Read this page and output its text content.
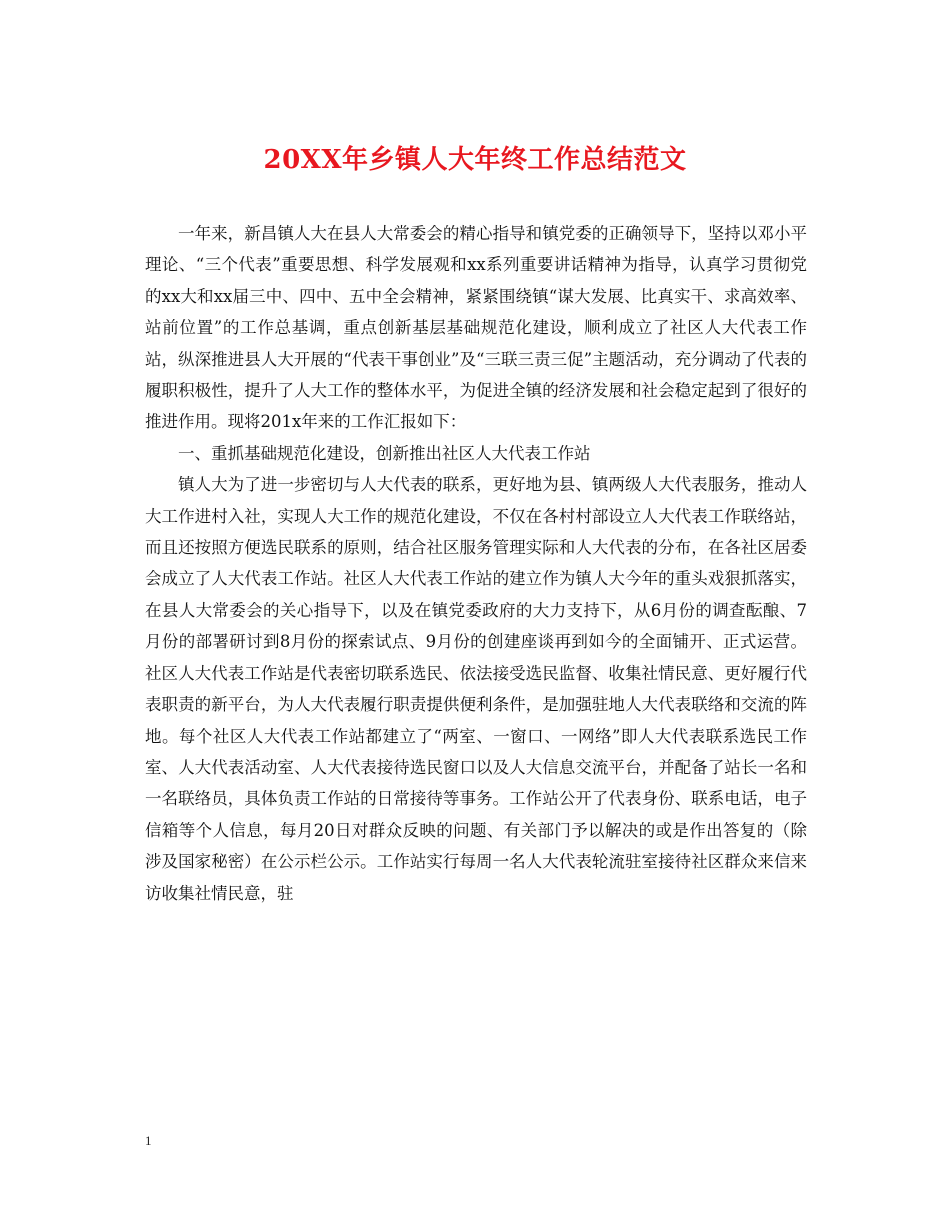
20XX年乡镇人大年终工作总结范文

一年来，新昌镇人大在县人大常委会的精心指导和镇党委的正确领导下，坚持以邓小平理论、“三个代表”重要思想、科学发展观和xx系列重要讲话精神为指导，认真学习贯彻党的xx大和xx届三中、四中、五中全会精神，紧紧围绕镇“谋大发展、比真实干、求高效率、站前位置”的工作总基调，重点创新基层基础规范化建设，顺利成立了社区人大代表工作站，纵深推进县人大开展的“代表干事创业”及“三联三责三促”主题活动，充分调动了代表的履职积极性，提升了人大工作的整体水平，为促进全镇的经济发展和社会稳定起到了很好的推进作用。现将201x年来的工作汇报如下：

一、重抓基础规范化建设，创新推出社区人大代表工作站

镇人大为了进一步密切与人大代表的联系，更好地为县、镇两级人大代表服务，推动人大工作进村入社，实现人大工作的规范化建设，不仅在各村村部设立人大代表工作联络站，而且还按照方便选民联系的原则，结合社区服务管理实际和人大代表的分布，在各社区居委会成立了人大代表工作站。社区人大代表工作站的建立作为镇人大今年的重头戏狠抓落实，在县人大常委会的关心指导下，以及在镇党委政府的大力支持下，从6月份的调查酝酿、7月份的部署研讨到8月份的探索试点、9月份的创建座谈再到如今的全面铺开、正式运营。社区人大代表工作站是代表密切联系选民、依法接受选民监督、收集社情民意、更好履行代表职责的新平台，为人大代表履行职责提供便利条件，是加强驻地人大代表联络和交流的阵地。每个社区人大代表工作站都建立了“两室、一窗口、一网络”即人大代表联系选民工作室、人大代表活动室、人大代表接待选民窗口以及人大信息交流平台，并配备了站长一名和一名联络员，具体负责工作站的日常接待等事务。工作站公开了代表身份、联系电话，电子信箱等个人信息，每月20日对群众反映的问题、有关部门予以解决的或是作出答复的（除涉及国家秘密）在公示栏公示。工作站实行每周一名人大代表轮流驻室接待社区群众来信来访收集社情民意，驻

1
